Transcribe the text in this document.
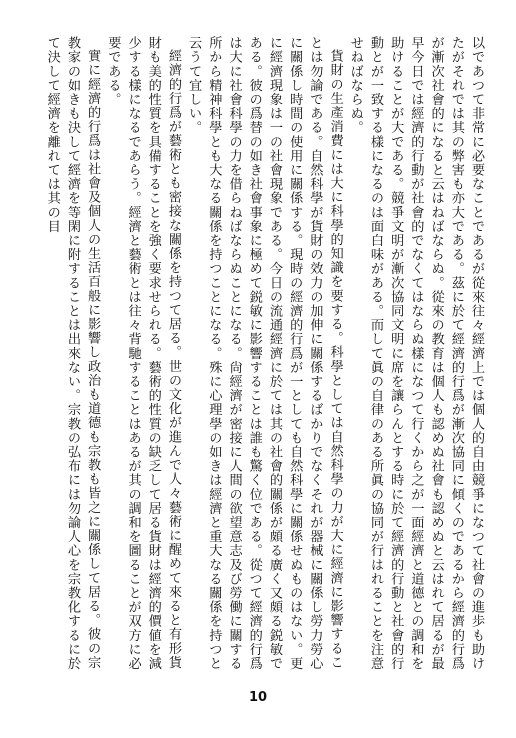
以であつて非常に必要なことであるが從來往々經濟上では個人的自由競爭になつて社會の進歩も助けたがそれでは其の弊害も亦大である。茲に於て經濟的行爲が漸次協同に傾くのであるから經濟的行爲が漸次社會的になると云はねばならぬ。從來の教育は個人も認めぬ社會も認めぬと云はれて居るが最早今日では經濟的行動が社會的でなくてはならぬ樣になつて行くから之が一面經濟と道德との調和を助けることが大である。競爭文明が漸次協同文明に席を讓らんとする時に於て經濟的行動と社會的行動とが一致する樣になるのは面白味がある。而して眞の自律のある所眞の協同が行はれることを注意せねばならぬ。

貨財の生產消費には大に科學的知識を要する。科學としては自然科學の力が大に經濟に影響することは勿論である。自然科學が貨財の效力の加伸に關係するばかりでなくそれが器械に關係し勞力勞心に關係し時間の使用に關係する。現時の經濟的行爲が一としても自然科學に關係せぬものはない。更に經濟現象は一の社會現象である。今日の流通經濟に於ては其の社會的關係が頗る廣く又頗る鋭敏である。彼の爲替の如き社會事象に極めて鋭敏に影響することは誰も驚く位である。從つて經濟的行爲は大に社會科學の力を借らねばならぬことになる。尙經濟が密接に人間の欲望意志及び勞働に關する所から精神科學とも大なる關係を持つことになる。殊に心理學の如きは經濟と重大なる關係を持つと云うて宜しい。

經濟的行爲が藝術とも密接な關係を持つて居る。世の文化が進んで人々藝術に醒めて來ると有形貨財も美的性質を具備することを強く要求せられる。藝術的性質の缺乏して居る貨財は經濟的價値を減少する樣になるであらう。經濟と藝術とは往々背馳することはあるが其の調和を圖ることが双方に必要である。

實に經濟的行爲は社會及個人の生活百般に影響し政治も道德も宗教も皆之に關係して居る。彼の宗教家の如きも決して經濟を等閑に附することは出來ない。宗教の弘布には勿論人心を宗教化するに於て決して經濟を離れては其の目

10
